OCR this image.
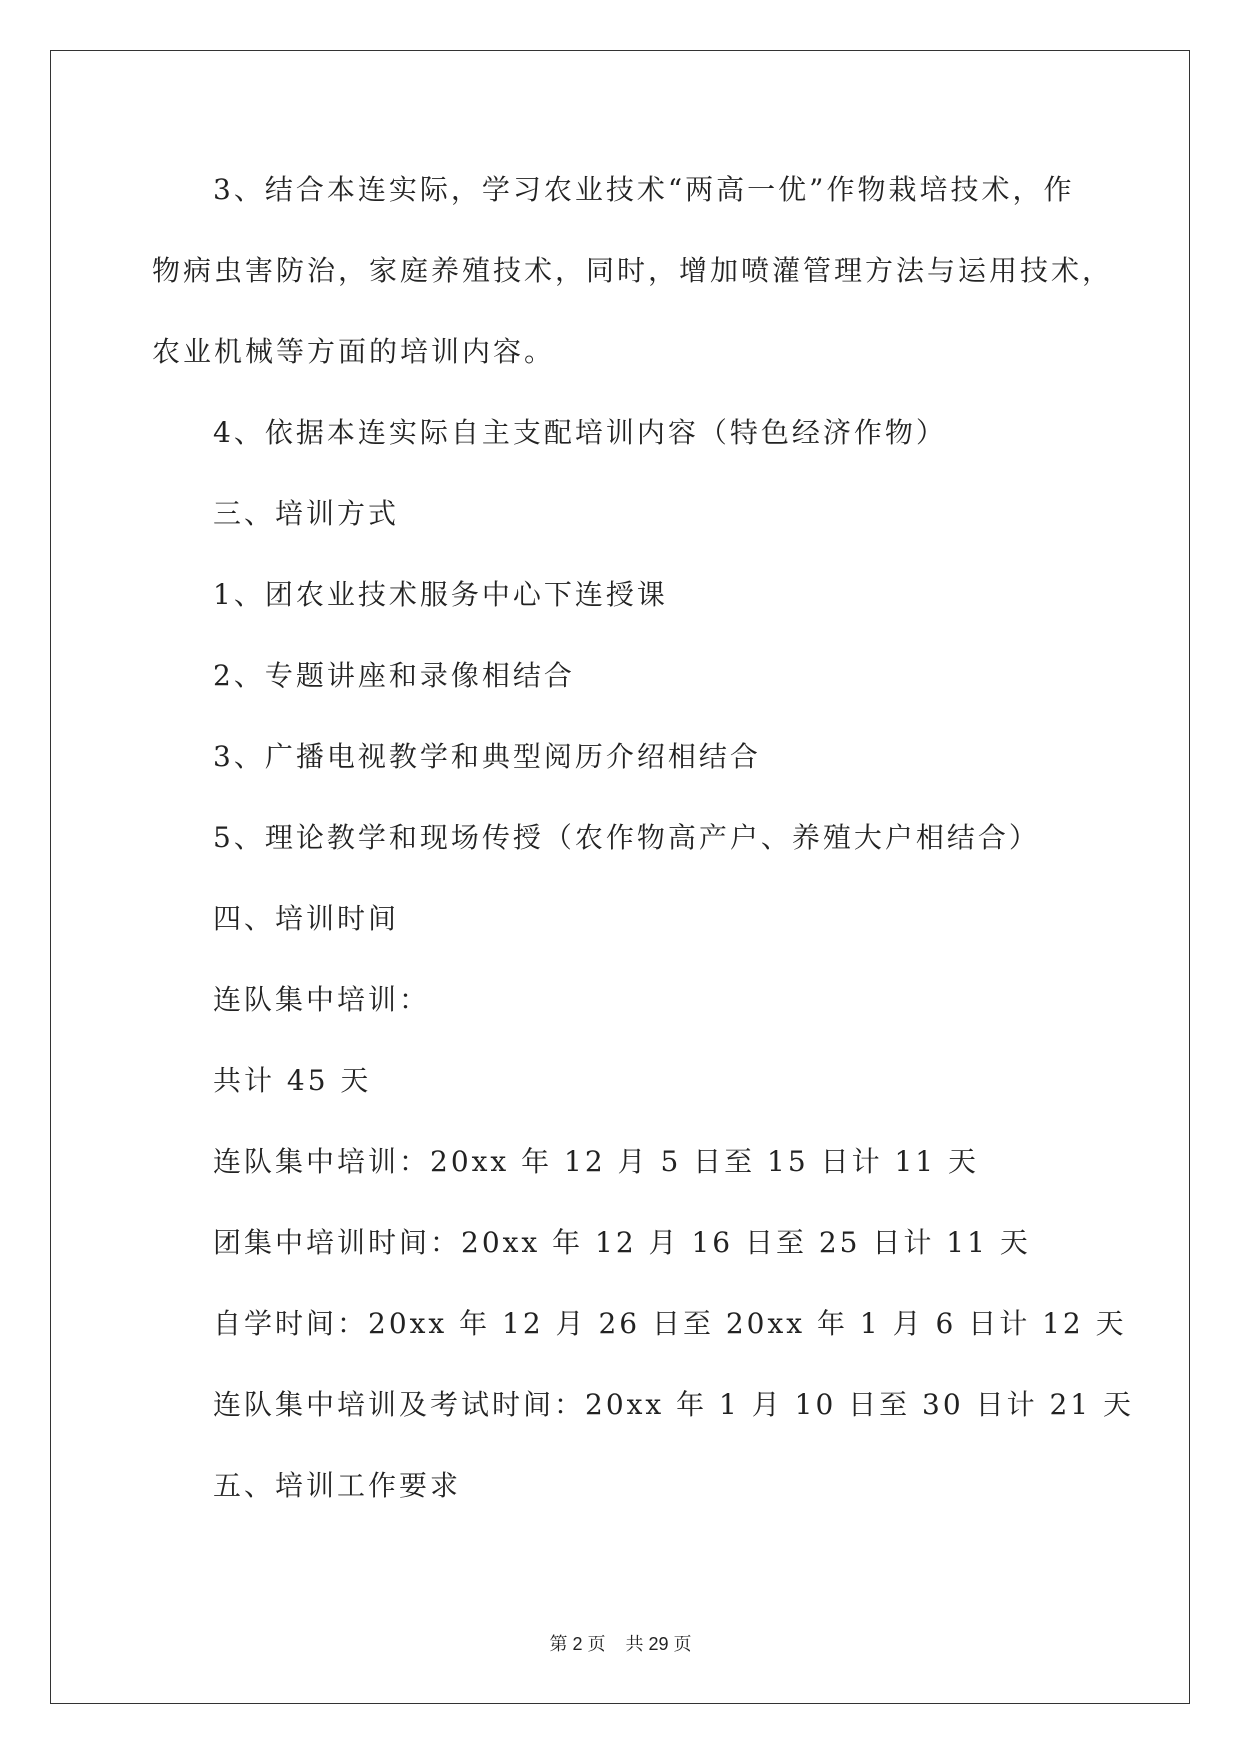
3、结合本连实际，学习农业技术“两高一优”作物栽培技术，作
物病虫害防治，家庭养殖技术，同时，增加喷灌管理方法与运用技术，
农业机械等方面的培训内容。
4、依据本连实际自主支配培训内容（特色经济作物）
三、培训方式
1、团农业技术服务中心下连授课
2、专题讲座和录像相结合
3、广播电视教学和典型阅历介绍相结合
5、理论教学和现场传授（农作物高产户、养殖大户相结合）
四、培训时间
连队集中培训：
共计 45 天
连队集中培训：20xx 年 12 月 5 日至 15 日计 11 天
团集中培训时间：20xx 年 12 月 16 日至 25 日计 11 天
自学时间：20xx 年 12 月 26 日至 20xx 年 1 月 6 日计 12 天
连队集中培训及考试时间：20xx 年 1 月 10 日至 30 日计 21 天
五、培训工作要求
第 2 页 共 29 页
